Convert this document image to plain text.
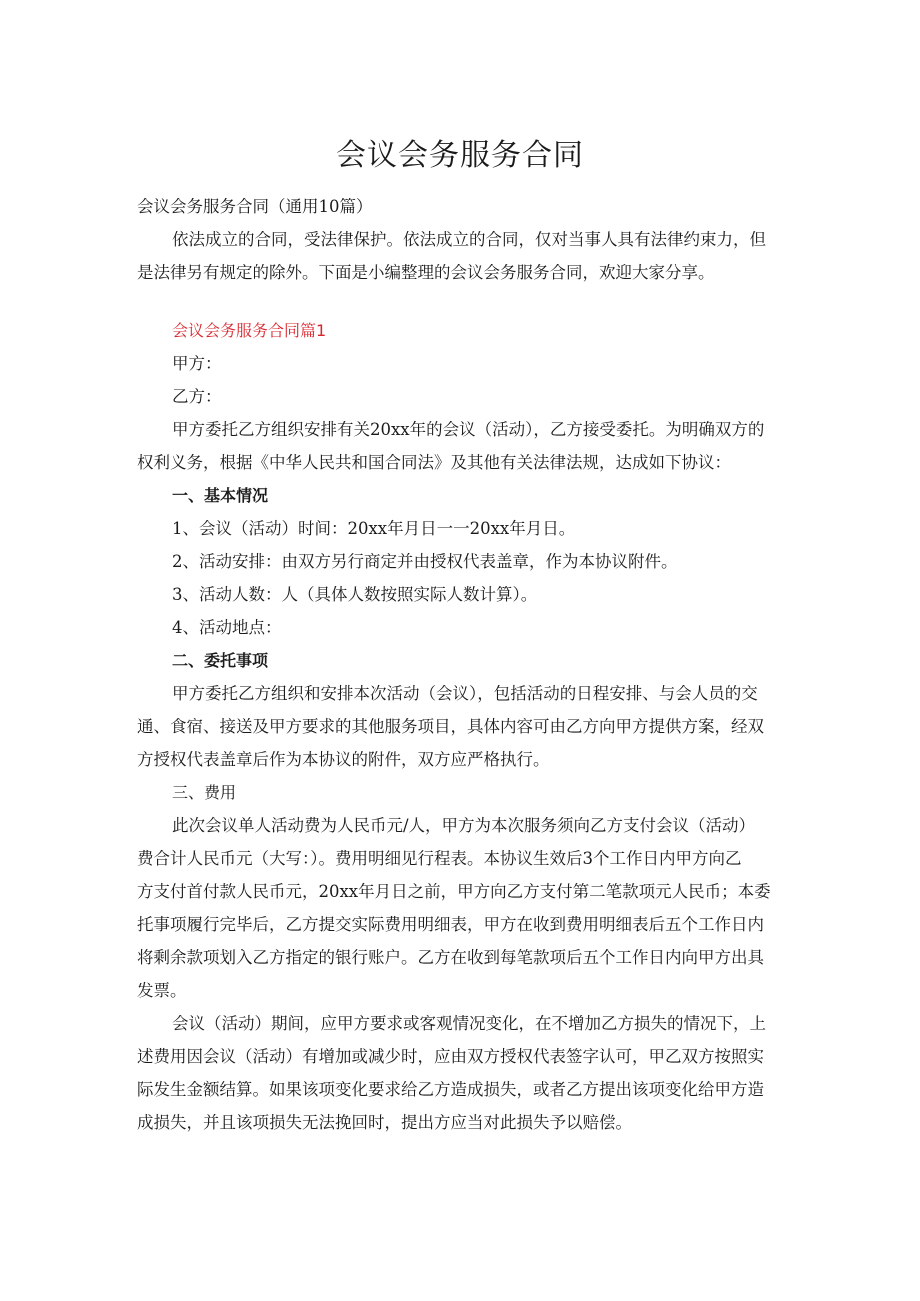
会议会务服务合同

会议会务服务合同（通用10篇）

依法成立的合同，受法律保护。依法成立的合同，仅对当事人具有法律约束力，但

是法律另有规定的除外。下面是小编整理的会议会务服务合同，欢迎大家分享。

会议会务服务合同篇1

甲方：

乙方：

甲方委托乙方组织安排有关20xx年的会议（活动），乙方接受委托。为明确双方的

权利义务，根据《中华人民共和国合同法》及其他有关法律法规，达成如下协议：

一、基本情况

1、会议（活动）时间：20xx年月日一一20xx年月日。

2、活动安排：由双方另行商定并由授权代表盖章，作为本协议附件。

3、活动人数：人（具体人数按照实际人数计算）。

4、活动地点：

二、委托事项

甲方委托乙方组织和安排本次活动（会议），包括活动的日程安排、与会人员的交

通、食宿、接送及甲方要求的其他服务项目，具体内容可由乙方向甲方提供方案，经双

方授权代表盖章后作为本协议的附件，双方应严格执行。

三、费用

此次会议单人活动费为人民币元/人，甲方为本次服务须向乙方支付会议（活动）

费合计人民币元（大写：）。费用明细见行程表。本协议生效后3个工作日内甲方向乙

方支付首付款人民币元，20xx年月日之前，甲方向乙方支付第二笔款项元人民币；本委

托事项履行完毕后，乙方提交实际费用明细表，甲方在收到费用明细表后五个工作日内

将剩余款项划入乙方指定的银行账户。乙方在收到每笔款项后五个工作日内向甲方出具

发票。

会议（活动）期间，应甲方要求或客观情况变化，在不增加乙方损失的情况下，上

述费用因会议（活动）有增加或减少时，应由双方授权代表签字认可，甲乙双方按照实

际发生金额结算。如果该项变化要求给乙方造成损失，或者乙方提出该项变化给甲方造

成损失，并且该项损失无法挽回时，提出方应当对此损失予以赔偿。
